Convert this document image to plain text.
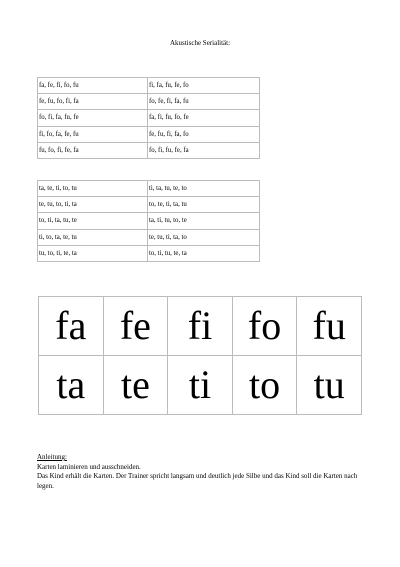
Akustische Serialität:
fa, fe, fi, fo, fu	fi, fa, fu, fe, fo
fe, fu, fo, fi, fa	fo, fe, fi, fa, fu
fo, fi, fa, fu, fe	fa, fi, fu, fo, fe
fi, fo, fa, fe, fu	fe, fu, fi, fa, fo
fu, fo, fi, fe, fa	fo, fi, fu, fe, fa
ta, te, ti, to, tu	ti, ta, tu, te, to
te, tu, to, ti, ta	to, te, ti, ta, tu
to, ti, ta, tu, te	ta, ti, tu, to, te
ti, to, ta, te, tu	te, tu, ti, ta, to
tu, to, ti, te, ta	to, ti, tu, te, ta
fa	fe	fi	fo	fu
ta	te	ti	to	tu
Anleitung:
Karten laminieren und ausschneiden.
Das Kind erhält die Karten. Der Trainer spricht langsam und deutlich jede Silbe und das Kind soll die Karten nach legen.
